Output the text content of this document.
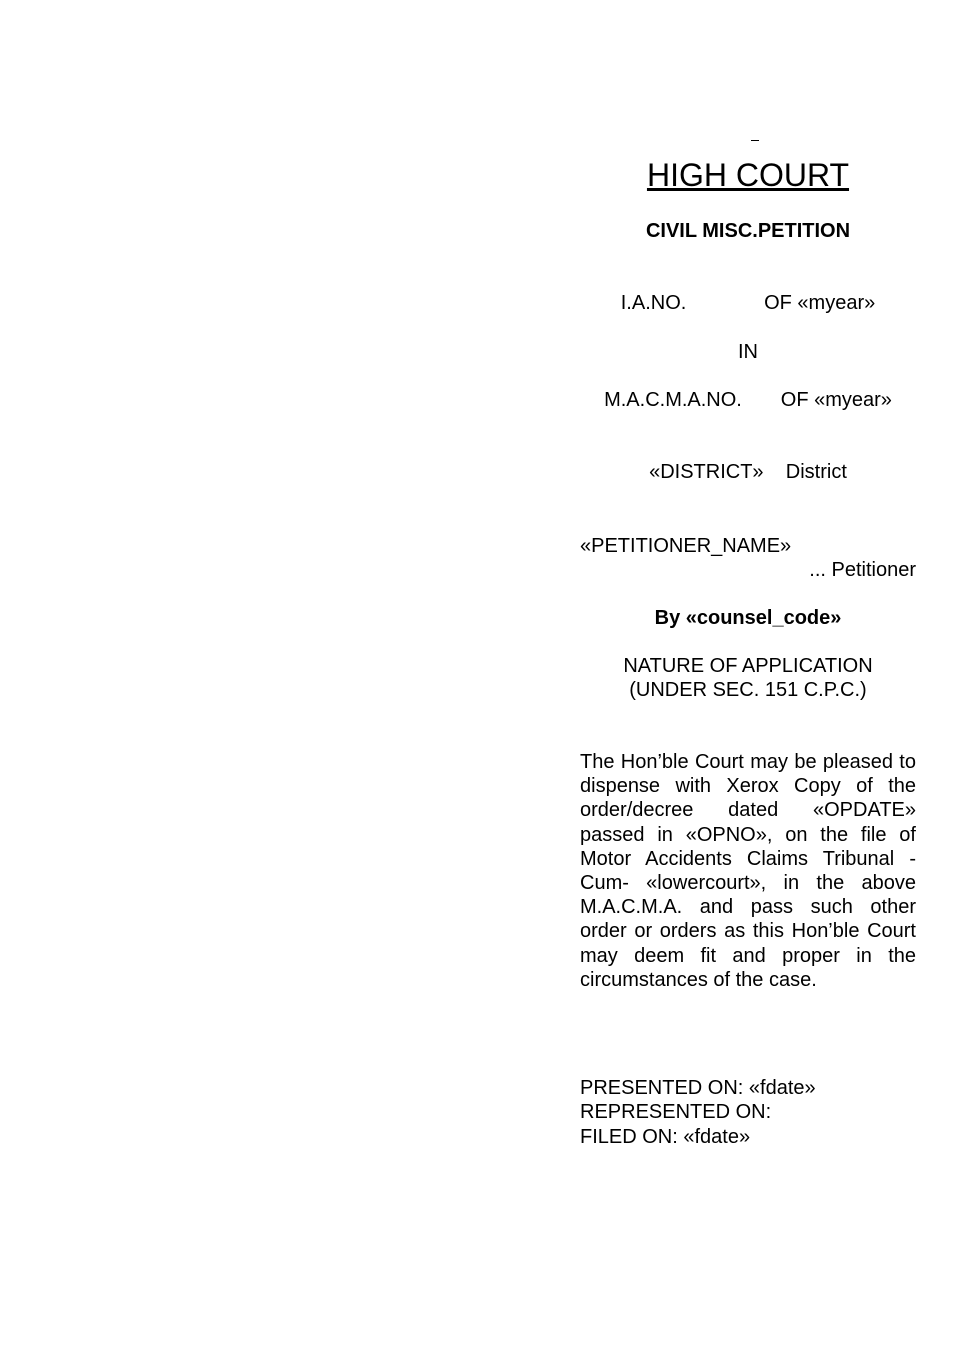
HIGH COURT
CIVIL MISC.PETITION
I.A.NO.              OF «myear»
IN
M.A.C.M.A.NO.       OF «myear»
«DISTRICT»    District
«PETITIONER_NAME»
... Petitioner
By «counsel_code»
NATURE OF APPLICATION
(UNDER SEC. 151 C.P.C.)
The Hon’ble Court may be pleased to dispense with Xerox Copy of the order/decree dated «OPDATE» passed in «OPNO», on the file of Motor Accidents Claims Tribunal -Cum- «lowercourt», in the above M.A.C.M.A. and pass such other order or orders as this Hon’ble Court may deem fit and proper in the circumstances of the case.
PRESENTED ON: «fdate»
REPRESENTED ON:
FILED ON: «fdate»
